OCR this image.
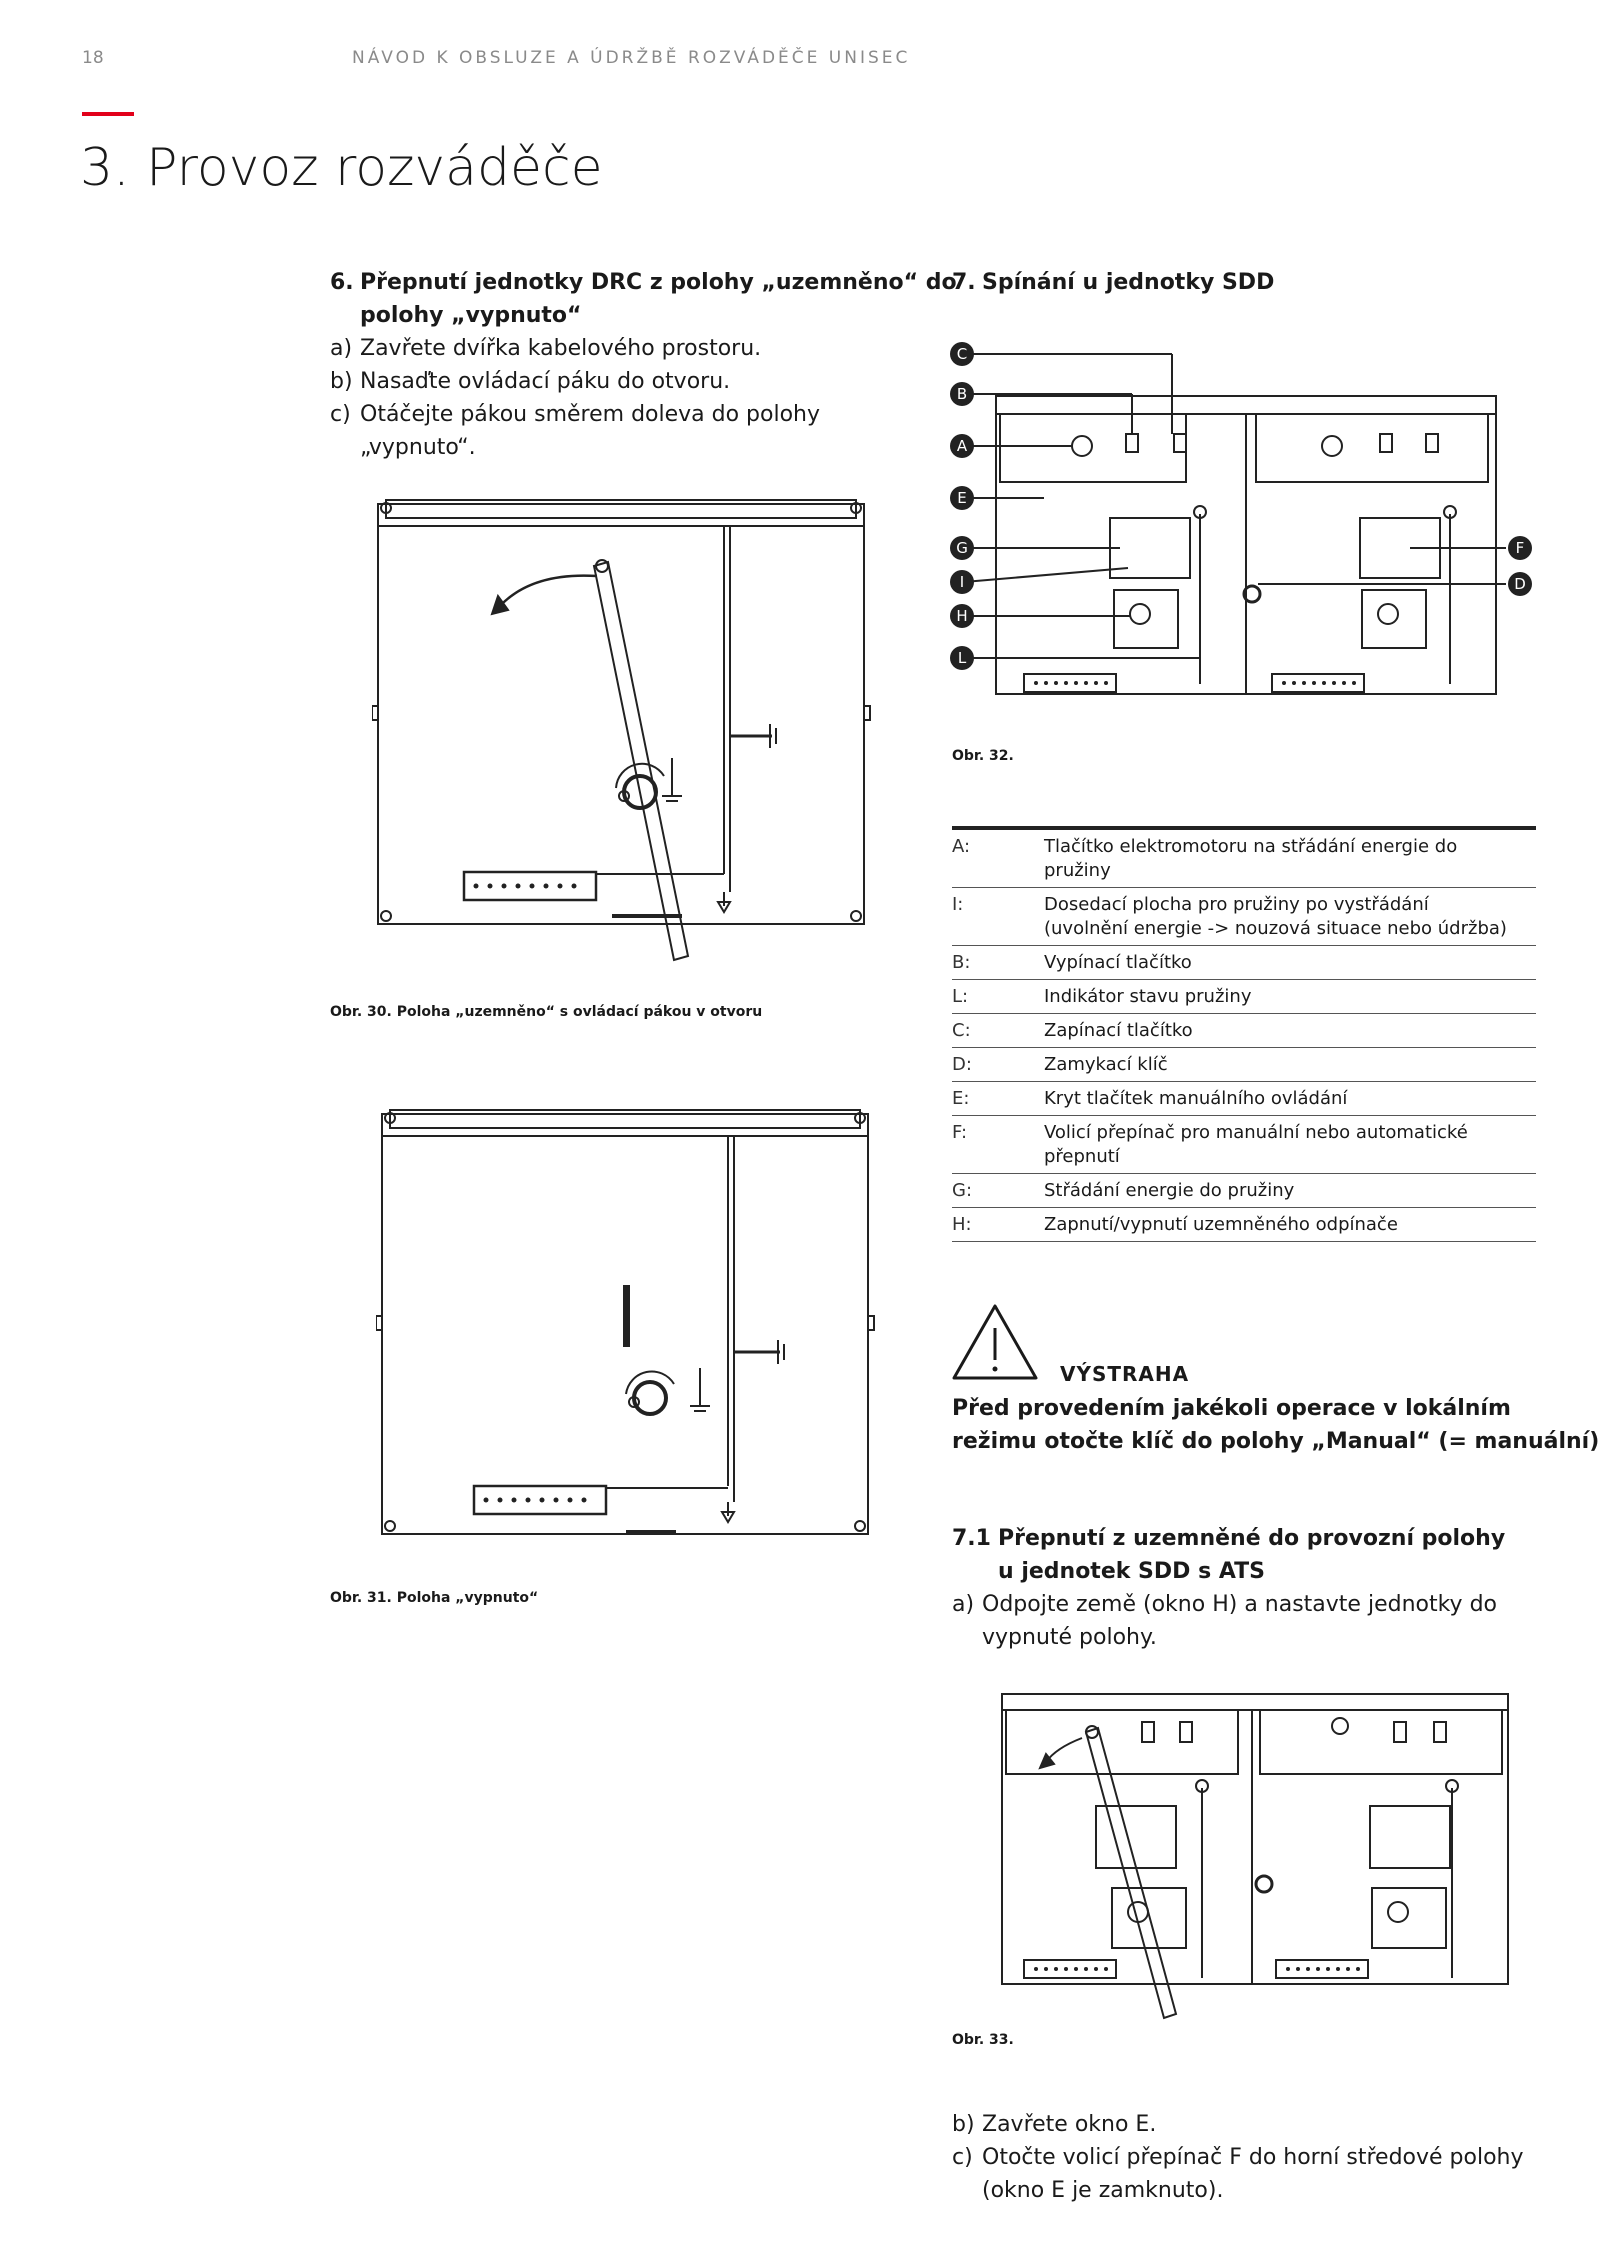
18	NÁVOD K OBSLUZE A ÚDRŽBĚ ROZVÁDĚČE UNISEC
3. Provoz rozváděče
6. Přepnutí jednotky DRC z polohy „uzemněno“ do
polohy „vypnuto“
a) Zavřete dvířka kabelového prostoru.
b) Nasaďte ovládací páku do otvoru.
c) Otáčejte pákou směrem doleva do polohy
„vypnuto“.
Obr. 30. Poloha „uzemněno“ s ovládací pákou v otvoru
Obr. 31. Poloha „vypnuto“
7. Spínání u jednotky SDD
C
B
A
E
G
I
H
L
F
D
Obr. 32.
A:	Tlačítko elektromotoru na střádání energie do
pružiny

I:	Dosedací plocha pro pružiny po vystřádání
(uvolnění energie -> nouzová situace nebo údržba)

B:	Vypínací tlačítko

L:	Indikátor stavu pružiny

C:	Zapínací tlačítko

D:	Zamykací klíč

E:	Kryt tlačítek manuálního ovládání

F:	Volicí přepínač pro manuální nebo automatické
přepnutí

G:	Střádání energie do pružiny

H:	Zapnutí/vypnutí uzemněného odpínače
VÝSTRAHA
Před provedením jakékoli operace v lokálním
režimu otočte klíč do polohy „Manual“ (= manuální)
7.1 Přepnutí z uzemněné do provozní polohy
u jednotek SDD s ATS
a) Odpojte země (okno H) a nastavte jednotky do
vypnuté polohy.
Obr. 33.
b) Zavřete okno E.
c) Otočte volicí přepínač F do horní středové polohy
(okno E je zamknuto).
